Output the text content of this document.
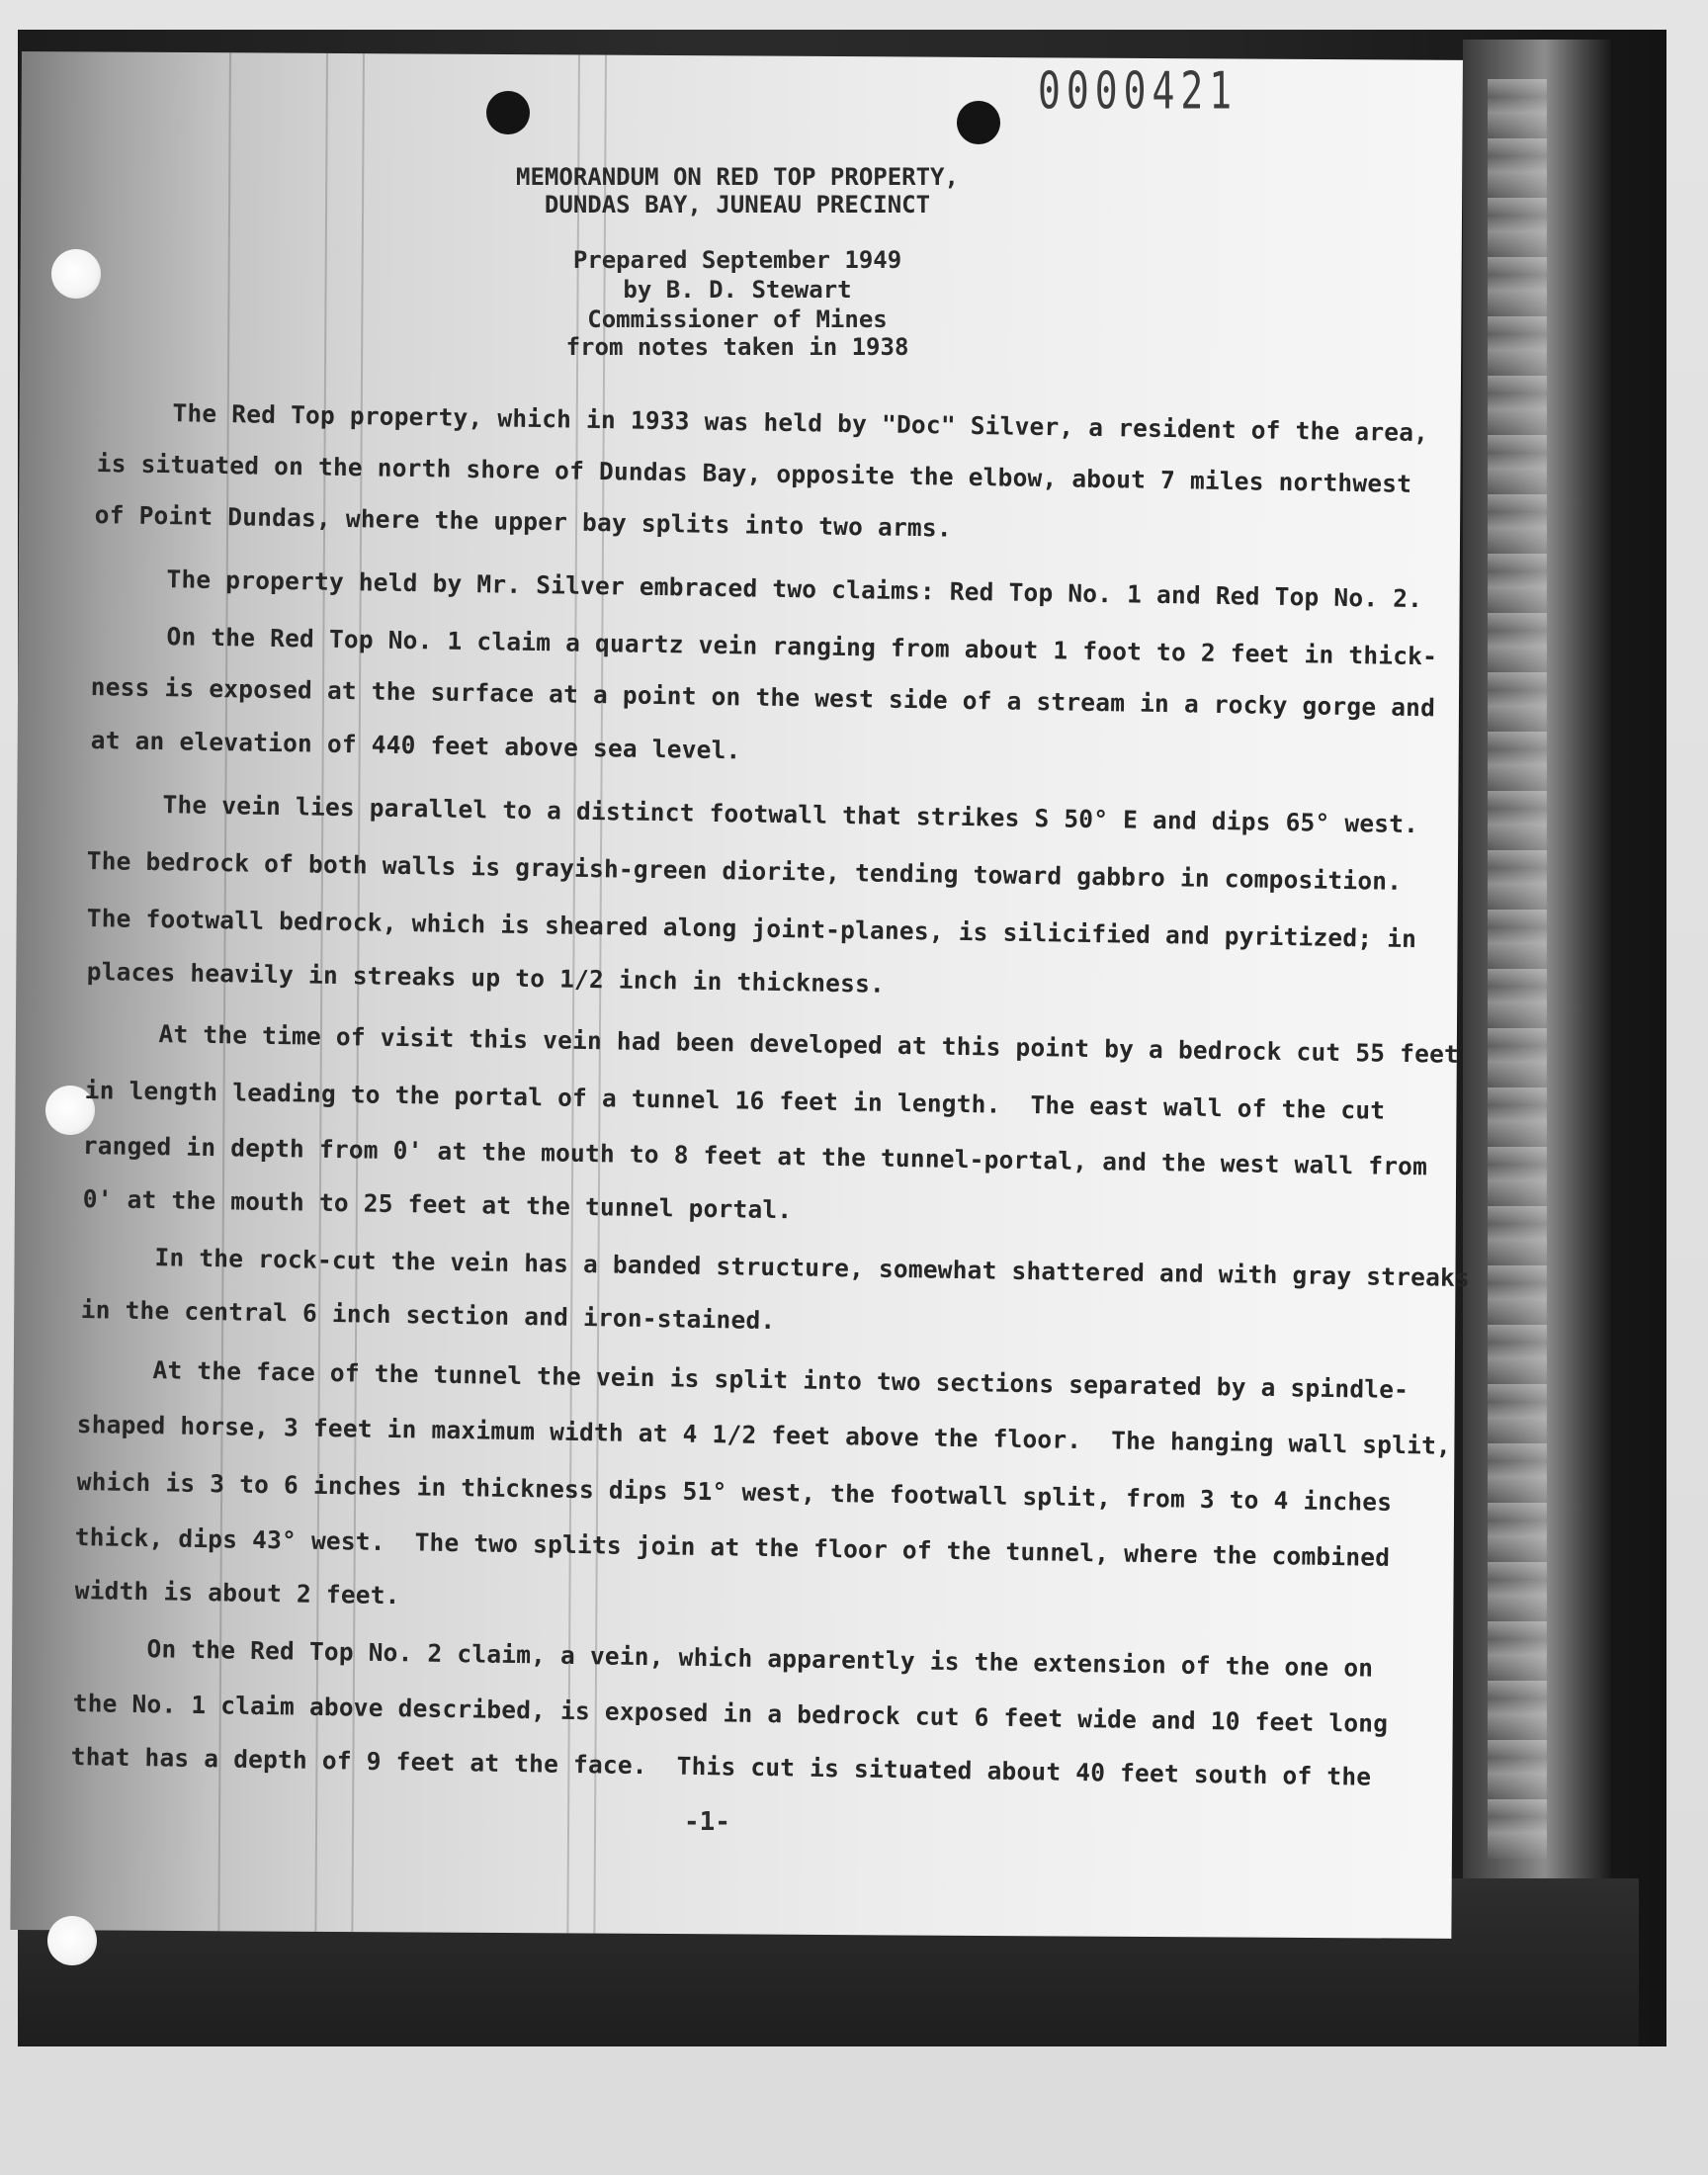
0000421
MEMORANDUM ON RED TOP PROPERTY,
DUNDAS BAY, JUNEAU PRECINCT
Prepared September 1949
by B. D. Stewart
Commissioner of Mines
from notes taken in 1938
The Red Top property, which in 1933 was held by "Doc" Silver, a resident of the area,
is situated on the north shore of Dundas Bay, opposite the elbow, about 7 miles northwest
of Point Dundas, where the upper bay splits into two arms.
The property held by Mr. Silver embraced two claims: Red Top No. 1 and Red Top No. 2.
On the Red Top No. 1 claim a quartz vein ranging from about 1 foot to 2 feet in thick-
ness is exposed at the surface at a point on the west side of a stream in a rocky gorge and
at an elevation of 440 feet above sea level.
The vein lies parallel to a distinct footwall that strikes S 50° E and dips 65° west.
The bedrock of both walls is grayish-green diorite, tending toward gabbro in composition.
The footwall bedrock, which is sheared along joint-planes, is silicified and pyritized; in
places heavily in streaks up to 1/2 inch in thickness.
At the time of visit this vein had been developed at this point by a bedrock cut 55 feet
in length leading to the portal of a tunnel 16 feet in length.  The east wall of the cut
ranged in depth from 0' at the mouth to 8 feet at the tunnel-portal, and the west wall from
0' at the mouth to 25 feet at the tunnel portal.
In the rock-cut the vein has a banded structure, somewhat shattered and with gray streaks
in the central 6 inch section and iron-stained.
At the face of the tunnel the vein is split into two sections separated by a spindle-
shaped horse, 3 feet in maximum width at 4 1/2 feet above the floor.  The hanging wall split,
which is 3 to 6 inches in thickness dips 51° west, the footwall split, from 3 to 4 inches
thick, dips 43° west.  The two splits join at the floor of the tunnel, where the combined
width is about 2 feet.
On the Red Top No. 2 claim, a vein, which apparently is the extension of the one on
the No. 1 claim above described, is exposed in a bedrock cut 6 feet wide and 10 feet long
that has a depth of 9 feet at the face.  This cut is situated about 40 feet south of the
-1-
